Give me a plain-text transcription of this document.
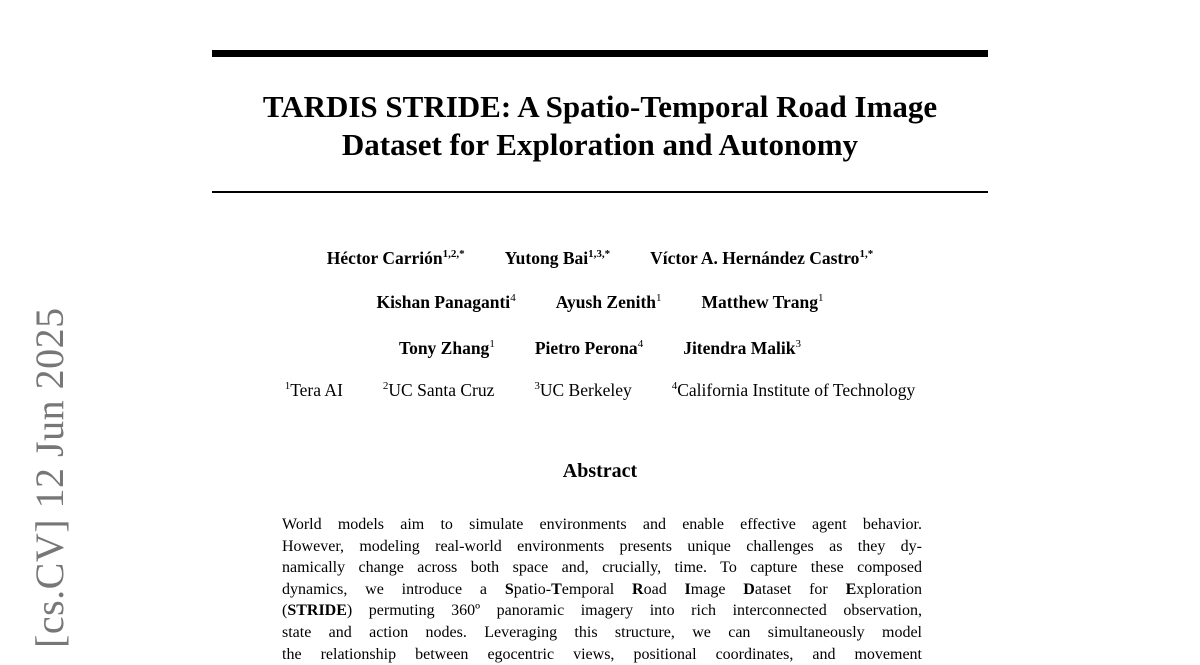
[cs.CV] 12 Jun 2025
TARDIS STRIDE: A Spatio-Temporal Road Image
Dataset for Exploration and Autonomy
Héctor Carrión$^{1,2,*}$ Yutong Bai$^{1,3,*}$ Víctor A. Hernández Castro$^{1,*}$
Kishan Panaganti$^4$ Ayush Zenith$^1$ Matthew Trang$^1$
Tony Zhang$^1$ Pietro Perona$^4$ Jitendra Malik$^3$
$^1$Tera AI	$^2$UC Santa Cruz	$^3$UC Berkeley	$^4$California Institute of Technology
Abstract
World models aim to simulate environments and enable effective agent behavior.
However, modeling real-world environments presents unique challenges as they dy-
namically change across both space and, crucially, time. To capture these composed
dynamics, we introduce a Spatio-Temporal Road Image Dataset for Exploration
(STRIDE) permuting 360º panoramic imagery into rich interconnected observation,
state and action nodes. Leveraging this structure, we can simultaneously model
the relationship between egocentric views, positional coordinates, and movement
